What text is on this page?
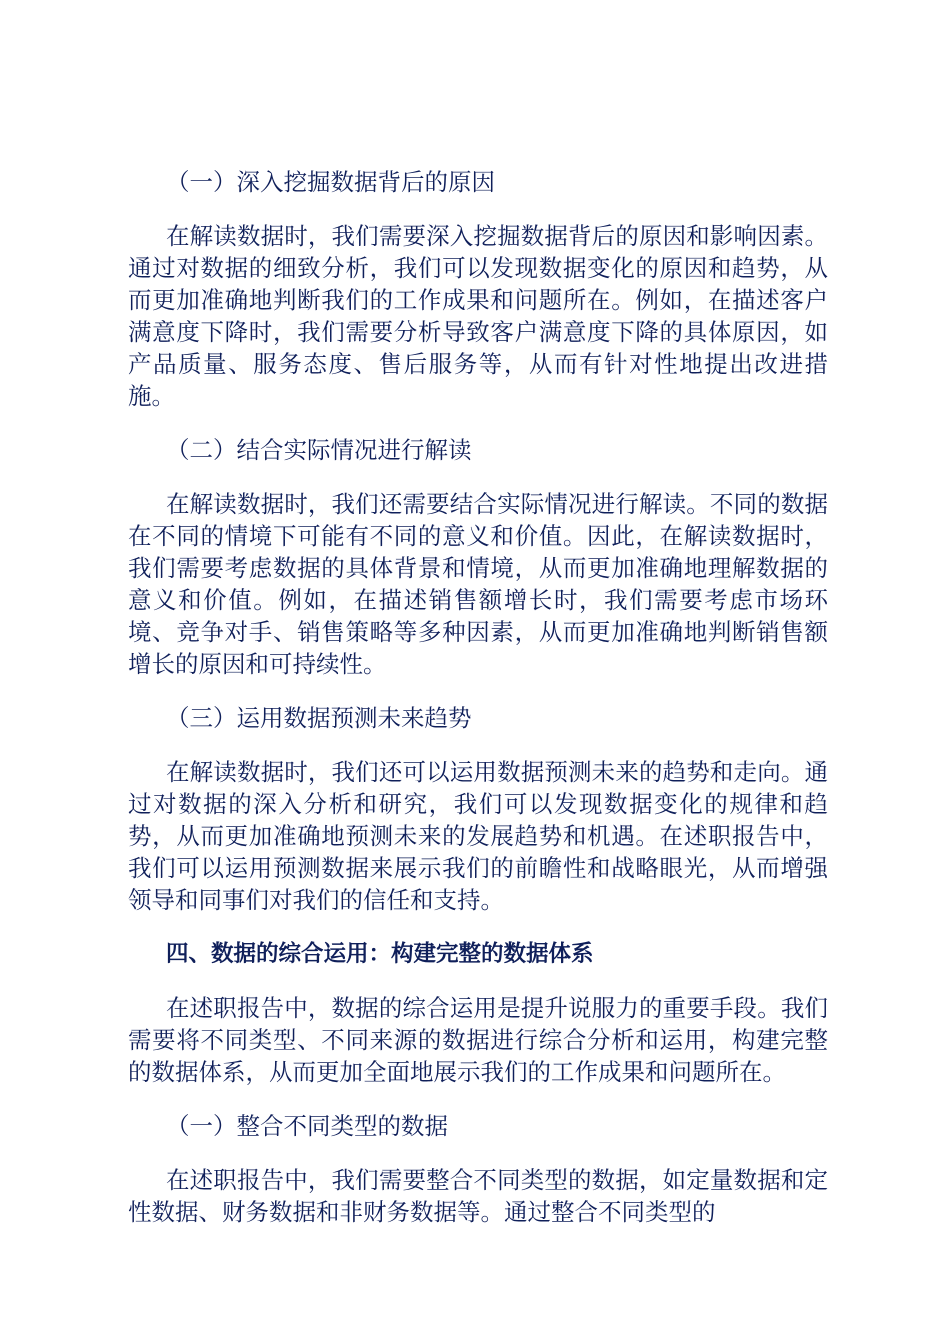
（一）深入挖掘数据背后的原因

在解读数据时，我们需要深入挖掘数据背后的原因和影响因素。通过对数据的细致分析，我们可以发现数据变化的原因和趋势，从而更加准确地判断我们的工作成果和问题所在。例如，在描述客户满意度下降时，我们需要分析导致客户满意度下降的具体原因，如产品质量、服务态度、售后服务等，从而有针对性地提出改进措施。

（二）结合实际情况进行解读

在解读数据时，我们还需要结合实际情况进行解读。不同的数据在不同的情境下可能有不同的意义和价值。因此，在解读数据时，我们需要考虑数据的具体背景和情境，从而更加准确地理解数据的意义和价值。例如，在描述销售额增长时，我们需要考虑市场环境、竞争对手、销售策略等多种因素，从而更加准确地判断销售额增长的原因和可持续性。

（三）运用数据预测未来趋势

在解读数据时，我们还可以运用数据预测未来的趋势和走向。通过对数据的深入分析和研究，我们可以发现数据变化的规律和趋势，从而更加准确地预测未来的发展趋势和机遇。在述职报告中，我们可以运用预测数据来展示我们的前瞻性和战略眼光，从而增强领导和同事们对我们的信任和支持。

四、数据的综合运用：构建完整的数据体系

在述职报告中，数据的综合运用是提升说服力的重要手段。我们需要将不同类型、不同来源的数据进行综合分析和运用，构建完整的数据体系，从而更加全面地展示我们的工作成果和问题所在。

（一）整合不同类型的数据

在述职报告中，我们需要整合不同类型的数据，如定量数据和定性数据、财务数据和非财务数据等。通过整合不同类型的
